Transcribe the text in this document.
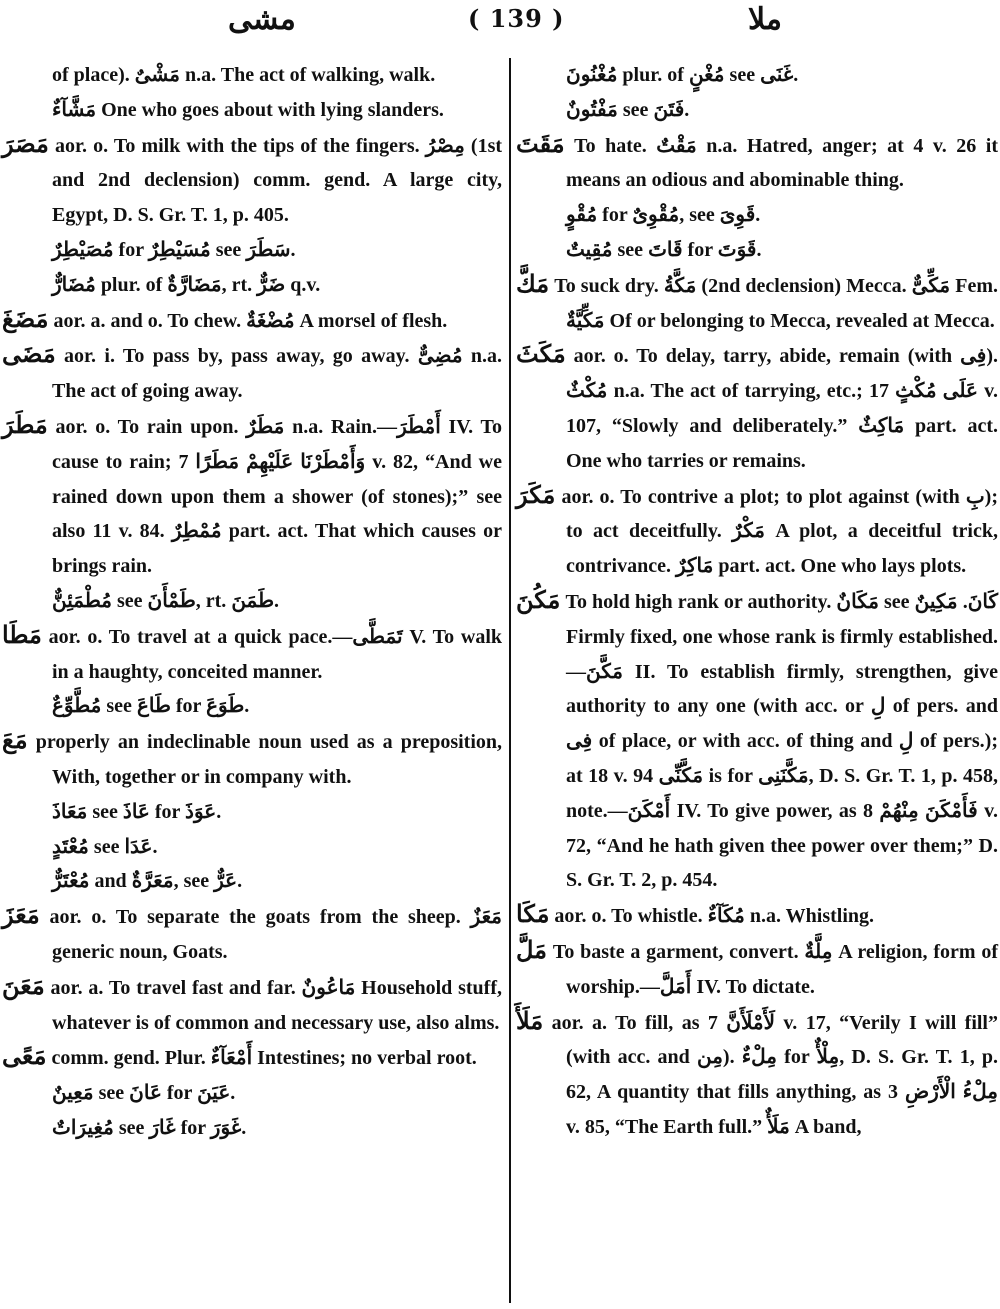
مشى	( 139 )	ملا
of place). مَشْىٌ n.a. The act of walking, walk.
مَشَّآءٌ One who goes about with lying slanders.
مَصَرَ aor. o. To milk with the tips of the fingers. مِصْرُ (1st and 2nd declension) comm. gend. A large city, Egypt, D. S. Gr. T. 1, p. 405.
مُصَيْطِرٌ for مُسَيْطِرٌ see سَطَرَ.
مُضَارٌّ plur. of مَضَارَّةٌ, rt. ضَرٌّ q.v.
مَضَغَ aor. a. and o. To chew. مُضْغَةٌ A morsel of flesh.
مَضَى aor. i. To pass by, pass away, go away. مُضِىٌّ n.a. The act of going away.
مَطَرَ aor. o. To rain upon. مَطَرٌ n.a. Rain.—أَمْطَرَ IV. To cause to rain; وَأَمْطَرْنَا عَلَيْهِمْ مَطَرًا 7 v. 82, “And we rained down upon them a shower (of stones);” see also 11 v. 84. مُمْطِرٌ part. act. That which causes or brings rain.
مُطْمَئِنٌّ see طَمْأَنَ, rt. طَمَنَ.
مَطَا aor. o. To travel at a quick pace.—تَمَطَّى V. To walk in a haughty, conceited manner.
مُطَّوِّعٌ see طَاعَ for طَوَعَ.
مَعَ properly an indeclinable noun used as a preposition, With, together or in company with.
مَعَاذَ see عَاذَ for عَوَذَ.
مُعْتَدٍ see عَدَا.
مُعْتَرٌّ and مَعَرَّةٌ, see عَرٌّ.
مَعَزَ aor. o. To separate the goats from the sheep. مَعَزٌ generic noun, Goats.
مَعَنَ aor. a. To travel fast and far. مَاعُونٌ Household stuff, whatever is of common and necessary use, also alms.
مَعًى comm. gend. Plur. أَمْعَآءٌ Intestines; no verbal root.
مَعِينٌ see عَانَ for عَيَنَ.
مُغِيرَاتٌ see غَارَ for غَوَرَ.
مُغْنُونَ plur. of مُغْنٍ see غَنَى.
مَفْتُونٌ see فَتَنَ.
مَقَتَ To hate. مَقْتٌ n.a. Hatred, anger; at 4 v. 26 it means an odious and abominable thing.
مُقْوٍ for مُقْوِىٌ, see قَوِىَ.
مُقِيتٌ see قَاتَ for قَوَتَ.
مَكَّ To suck dry. مَكَّةُ (2nd declension) Mecca. مَكِّىٌّ Fem. مَكِّيَّةٌ Of or belonging to Mecca, revealed at Mecca.
مَكَثَ aor. o. To delay, tarry, abide, remain (with فِى). مُكْثٌ n.a. The act of tarrying, etc.; عَلَى مُكْثٍ 17 v. 107, “Slowly and deliberately.” مَاكِثٌ part. act. One who tarries or remains.
مَكَرَ aor. o. To contrive a plot; to plot against (with بِ); to act deceitfully. مَكْرٌ A plot, a deceitful trick, contrivance. مَاكِرٌ part. act. One who lays plots.
مَكُنَ To hold high rank or authority. مَكَانٌ see كَانَ. مَكِينٌ Firmly fixed, one whose rank is firmly established.—مَكَّنَ II. To establish firmly, strengthen, give authority to any one (with acc. or لِ of pers. and فِى of place, or with acc. of thing and لِ of pers.); at 18 v. 94 مَكَّنِّى is for مَكَّنَنِى, D. S. Gr. T. 1, p. 458, note.—أَمْكَنَ IV. To give power, as فَأَمْكَنَ مِنْهُمْ 8 v. 72, “And he hath given thee power over them;” D. S. Gr. T. 2, p. 454.
مَكَا aor. o. To whistle. مُكَآءٌ n.a. Whistling.
مَلَّ To baste a garment, convert. مِلَّةٌ A religion, form of worship.—أَمَلَّ IV. To dictate.
مَلَأَ aor. a. To fill, as لَأَمْلَأَنَّ 7 v. 17, “Verily I will fill” (with acc. and مِن). مِلْءٌ for مِلْأٌ, D. S. Gr. T. 1, p. 62, A quantity that fills anything, as مِلْءُ الْأَرْضِ 3 v. 85, “The Earth full.” مَلَأٌ A band,
